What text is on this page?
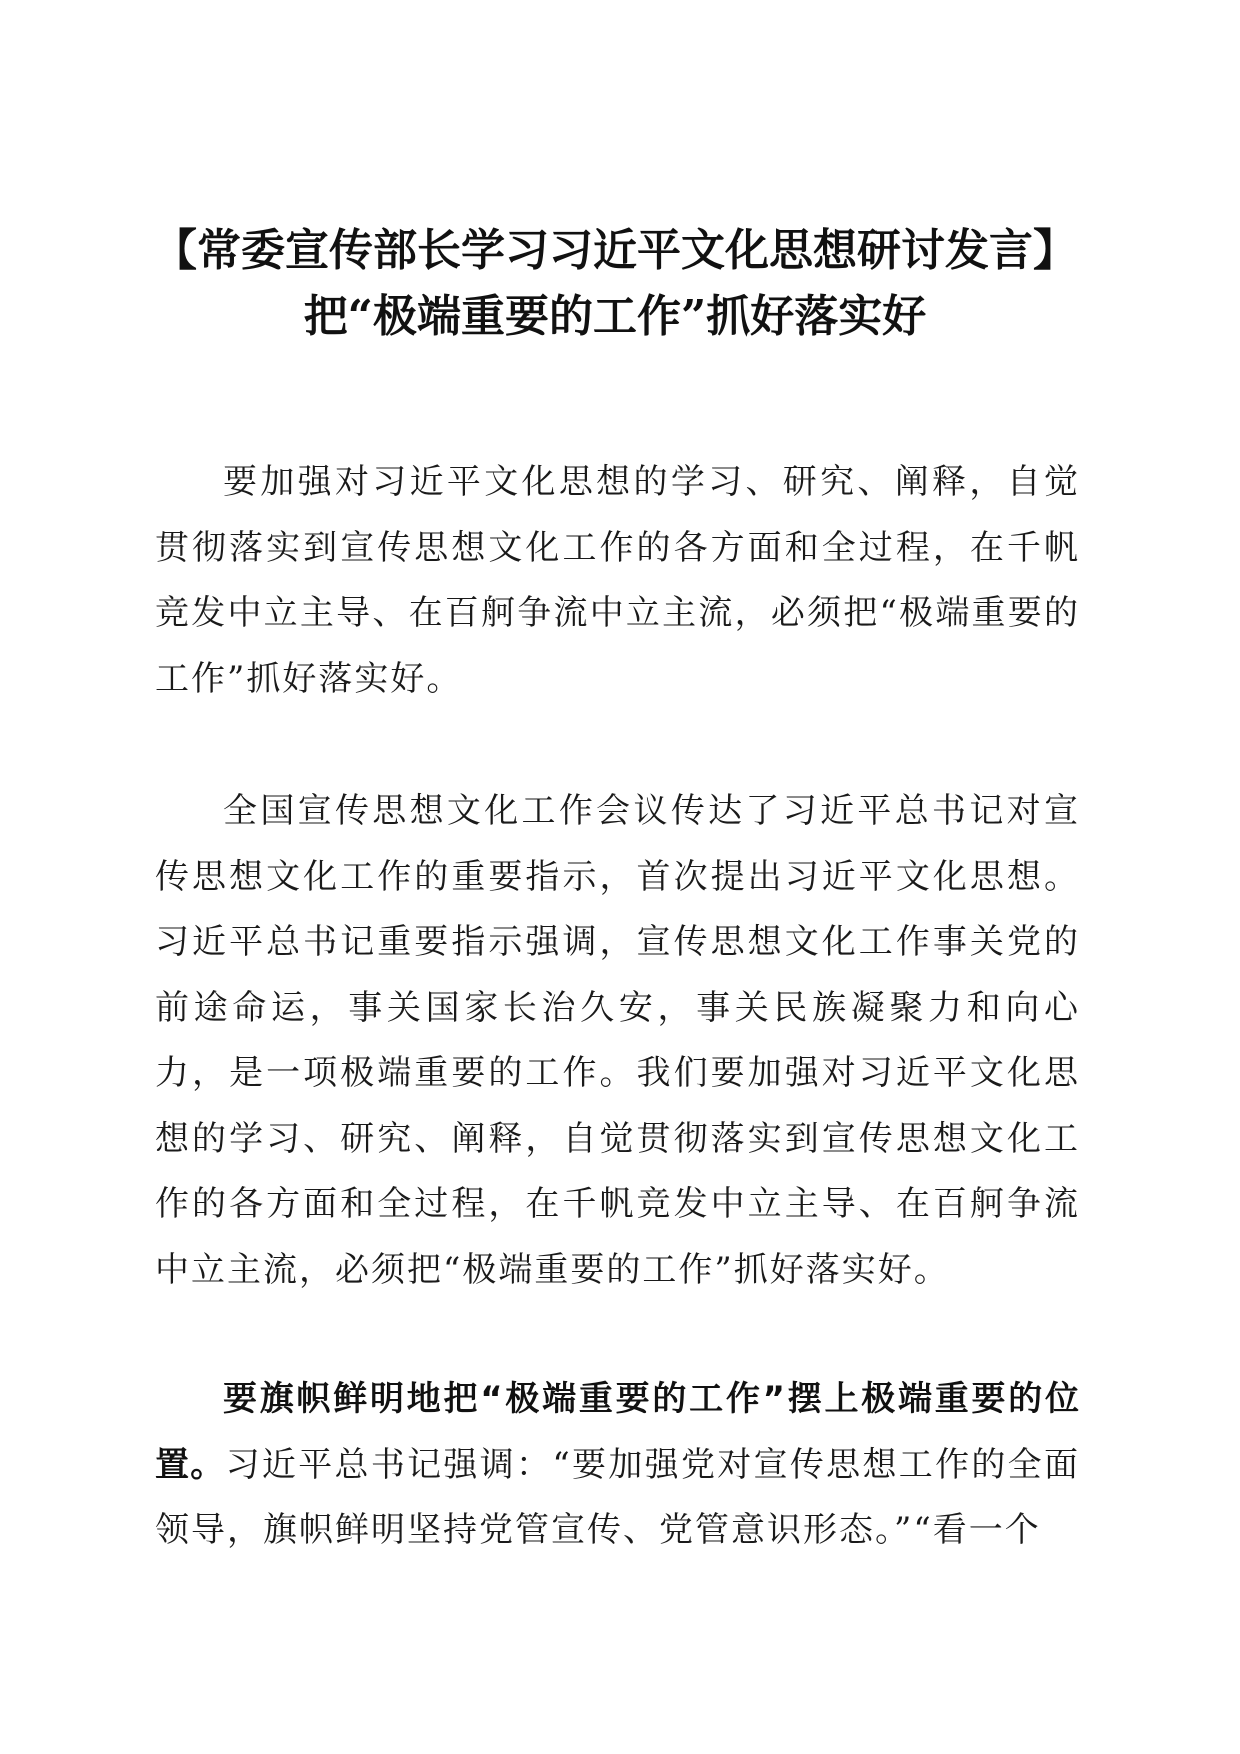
【常委宣传部长学习习近平文化思想研讨发言】把“极端重要的工作”抓好落实好

要加强对习近平文化思想的学习、研究、阐释，自觉贯彻落实到宣传思想文化工作的各方面和全过程，在千帆竞发中立主导、在百舸争流中立主流，必须把“极端重要的工作”抓好落实好。

全国宣传思想文化工作会议传达了习近平总书记对宣传思想文化工作的重要指示，首次提出习近平文化思想。习近平总书记重要指示强调，宣传思想文化工作事关党的前途命运，事关国家长治久安，事关民族凝聚力和向心力，是一项极端重要的工作。我们要加强对习近平文化思想的学习、研究、阐释，自觉贯彻落实到宣传思想文化工作的各方面和全过程，在千帆竞发中立主导、在百舸争流中立主流，必须把“极端重要的工作”抓好落实好。

要旗帜鲜明地把“极端重要的工作”摆上极端重要的位置。习近平总书记强调：“要加强党对宣传思想工作的全面领导，旗帜鲜明坚持党管宣传、党管意识形态。”“看一个
